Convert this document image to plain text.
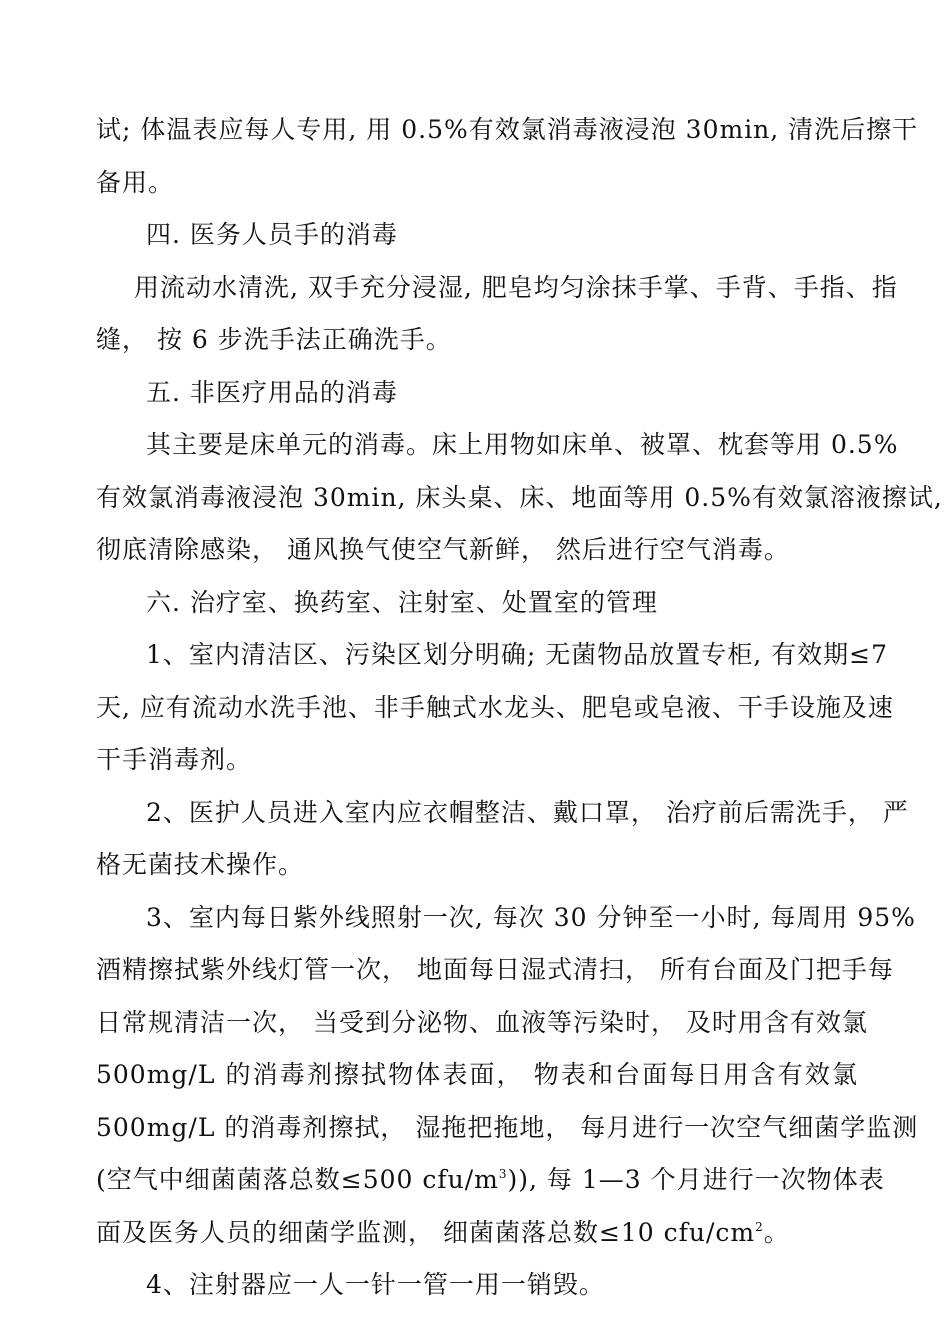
试; 体温表应每人专用, 用 0.5%有效氯消毒液浸泡 30min, 清洗后擦干
备用。
四. 医务人员手的消毒
用流动水清洗, 双手充分浸湿, 肥皂均匀涂抹手掌、手背、手指、指
缝， 按 6 步洗手法正确洗手。
五. 非医疗用品的消毒
其主要是床单元的消毒。床上用物如床单、被罩、枕套等用 0.5%
有效氯消毒液浸泡 30min, 床头桌、床、地面等用 0.5%有效氯溶液擦试,
彻底清除感染， 通风换气使空气新鲜， 然后进行空气消毒。
六. 治疗室、换药室、注射室、处置室的管理
1、室内清洁区、污染区划分明确; 无菌物品放置专柜, 有效期≤7
天, 应有流动水洗手池、非手触式水龙头、肥皂或皂液、干手设施及速
干手消毒剂。
2、医护人员进入室内应衣帽整洁、戴口罩， 治疗前后需洗手， 严
格无菌技术操作。
3、室内每日紫外线照射一次, 每次 30 分钟至一小时, 每周用 95%
酒精擦拭紫外线灯管一次， 地面每日湿式清扫， 所有台面及门把手每
日常规清洁一次， 当受到分泌物、血液等污染时， 及时用含有效氯
500mg/L 的消毒剂擦拭物体表面， 物表和台面每日用含有效氯
500mg/L 的消毒剂擦拭， 湿拖把拖地， 每月进行一次空气细菌学监测
(空气中细菌菌落总数≤500 cfu/$m^3$)), 每 1—3 个月进行一次物体表
面及医务人员的细菌学监测， 细菌菌落总数≤10 cfu/$cm^2$。
4、注射器应一人一针一管一用一销毁。
